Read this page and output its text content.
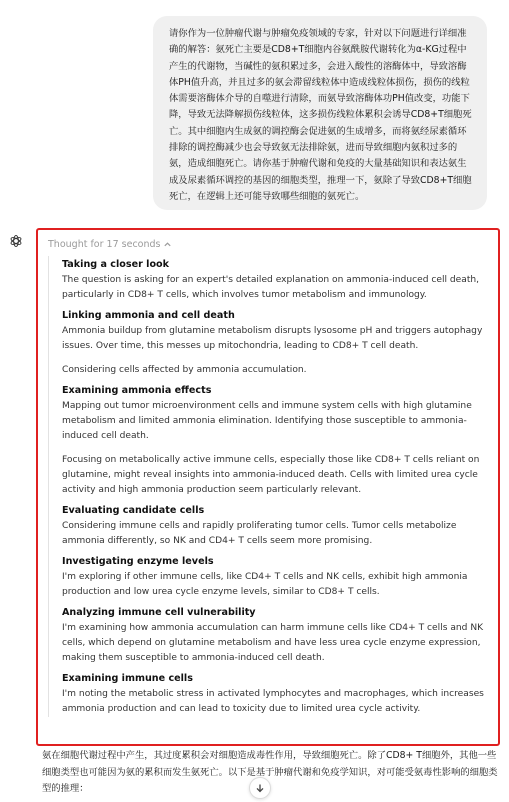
请你作为一位肿瘤代谢与肿瘤免疫领域的专家，针对以下问题进行详细准确的解答：氨死亡主要是CD8+T细胞内谷氨酰胺代谢转化为α-KG过程中产生的代谢物，当碱性的氨积累过多，会进入酸性的溶酶体中，导致溶酶体PH值升高，并且过多的氨会滞留线粒体中造成线粒体损伤，损伤的线粒体需要溶酶体介导的自噬进行清除，而氨导致溶酶体功PH值改变，功能下降，导致无法降解损伤线粒体，这多损伤线粒体累积会诱导CD8+T细胞死亡。其中细胞内生成氨的调控酶会促进氨的生成增多，而将氨经尿素循环排除的调控酶减少也会导致氨无法排除氨，进而导致细胞内氨积过多的氨，造成细胞死亡。请你基于肿瘤代谢和免疫的大量基础知识和表达氨生成及尿素循环调控的基因的细胞类型，推理一下，氨除了导致CD8+T细胞死亡，在逻辑上还可能导致哪些细胞的氨死亡。
Thought for 17 seconds
Taking a closer look
The question is asking for an expert's detailed explanation on ammonia-induced cell death, particularly in CD8+ T cells, which involves tumor metabolism and immunology.
Linking ammonia and cell death
Ammonia buildup from glutamine metabolism disrupts lysosome pH and triggers autophagy issues. Over time, this messes up mitochondria, leading to CD8+ T cell death.
Considering cells affected by ammonia accumulation.
Examining ammonia effects
Mapping out tumor microenvironment cells and immune system cells with high glutamine metabolism and limited ammonia elimination. Identifying those susceptible to ammonia-induced cell death.
Focusing on metabolically active immune cells, especially those like CD8+ T cells reliant on glutamine, might reveal insights into ammonia-induced death. Cells with limited urea cycle activity and high ammonia production seem particularly relevant.
Evaluating candidate cells
Considering immune cells and rapidly proliferating tumor cells. Tumor cells metabolize ammonia differently, so NK and CD4+ T cells seem more promising.
Investigating enzyme levels
I'm exploring if other immune cells, like CD4+ T cells and NK cells, exhibit high ammonia production and low urea cycle enzyme levels, similar to CD8+ T cells.
Analyzing immune cell vulnerability
I'm examining how ammonia accumulation can harm immune cells like CD4+ T cells and NK cells, which depend on glutamine metabolism and have less urea cycle enzyme expression, making them susceptible to ammonia-induced cell death.
Examining immune cells
I'm noting the metabolic stress in activated lymphocytes and macrophages, which increases ammonia production and can lead to toxicity due to limited urea cycle activity.
氨在细胞代谢过程中产生，其过度累积会对细胞造成毒性作用，导致细胞死亡。除了CD8+ T细胞外，其他一些细胞类型也可能因为氨的累积而发生氨死亡。以下是基于肿瘤代谢和免疫学知识，对可能受氨毒性影响的细胞类型的推理：
